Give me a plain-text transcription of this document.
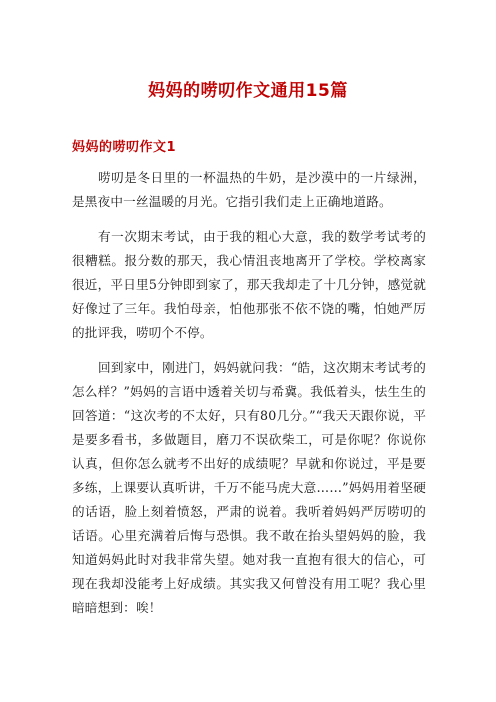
妈妈的唠叨作文通用15篇
妈妈的唠叨作文1

唠叨是冬日里的一杯温热的牛奶，是沙漠中的一片绿洲，是黑夜中一丝温暖的月光。它指引我们走上正确地道路。

有一次期末考试，由于我的粗心大意，我的数学考试考的很糟糕。报分数的那天，我心情沮丧地离开了学校。学校离家很近，平日里5分钟即到家了，那天我却走了十几分钟，感觉就好像过了三年。我怕母亲，怕他那张不依不饶的嘴，怕她严厉的批评我，唠叨个不停。

回到家中，刚进门，妈妈就问我：“皓，这次期末考试考的怎么样？”妈妈的言语中透着关切与希冀。我低着头，怯生生的回答道：“这次考的不太好，只有80几分。”“我天天跟你说，平是要多看书，多做题目，磨刀不误砍柴工，可是你呢？你说你认真，但你怎么就考不出好的成绩呢？早就和你说过，平是要多练，上课要认真听讲，千万不能马虎大意……”妈妈用着坚硬的话语，脸上刻着愤怒，严肃的说着。我听着妈妈严厉唠叨的话语。心里充满着后悔与恐惧。我不敢在抬头望妈妈的脸，我知道妈妈此时对我非常失望。她对我一直抱有很大的信心，可现在我却没能考上好成绩。其实我又何曾没有用工呢？我心里暗暗想到：唉！
